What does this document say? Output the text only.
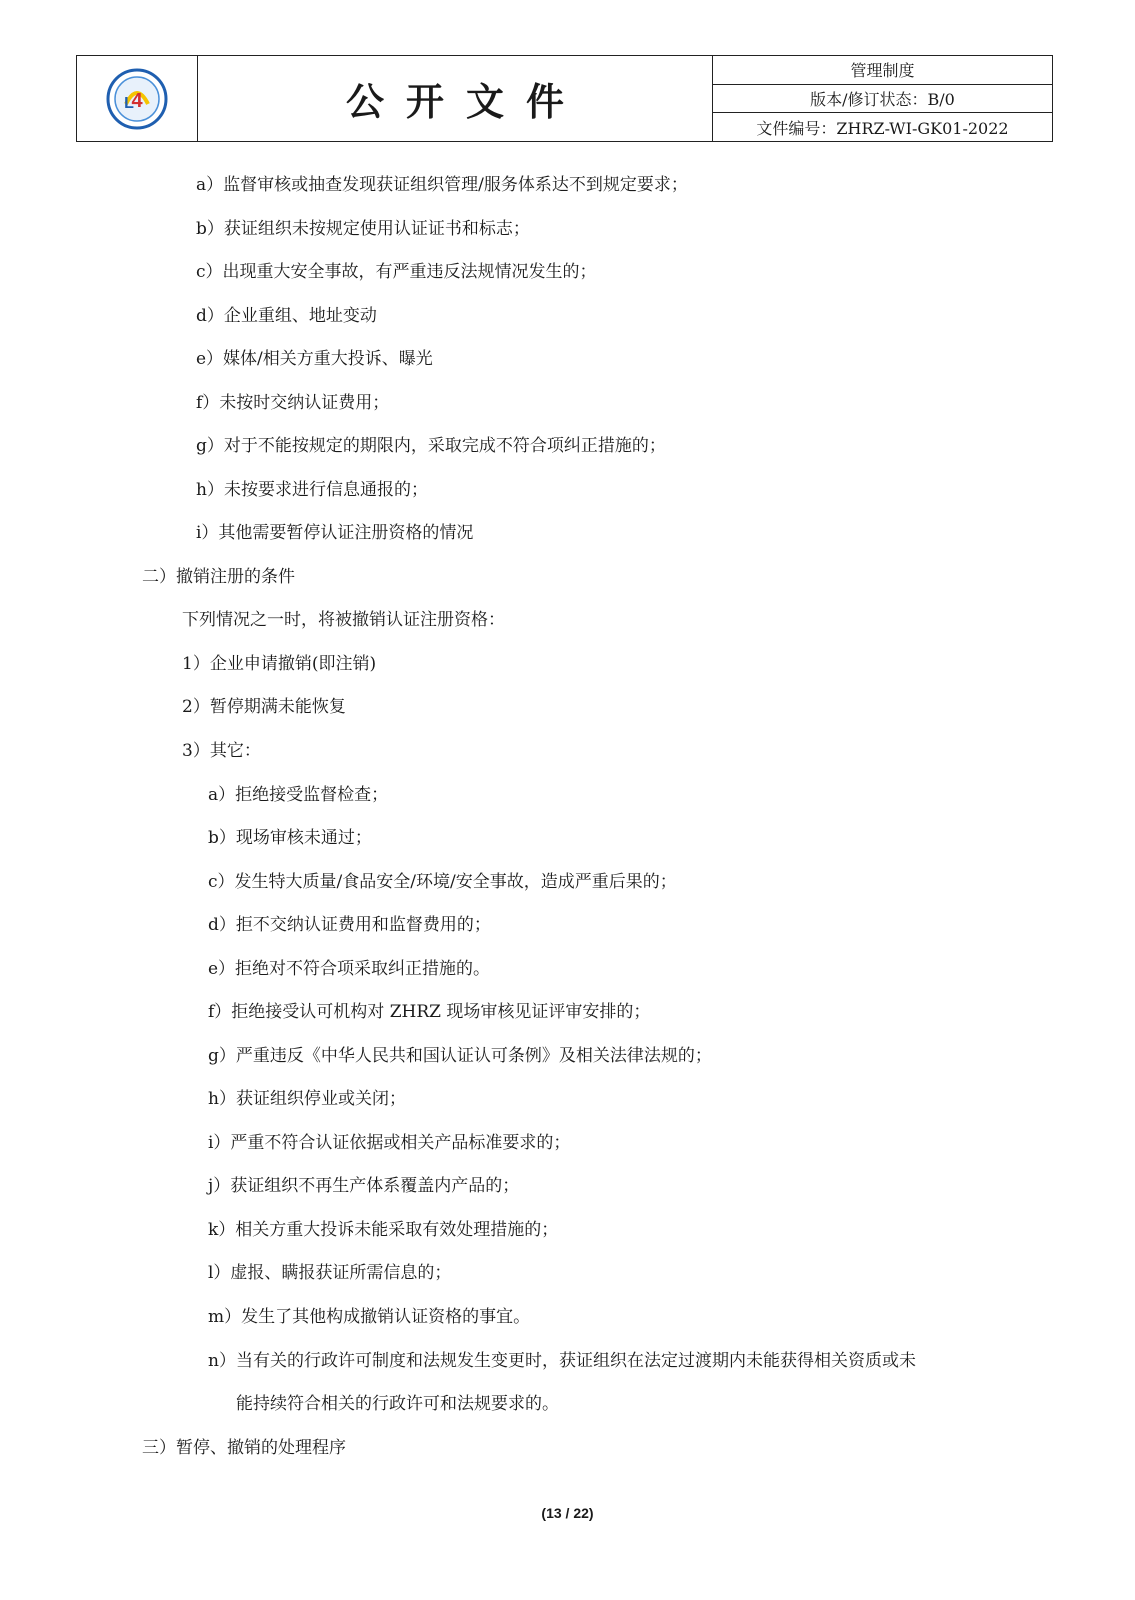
4
L	公开文件
管理制度
版本/修订状态：B/0
文件编号：ZHRZ-WI-GK01-2022
a）监督审核或抽查发现获证组织管理/服务体系达不到规定要求；
b）获证组织未按规定使用认证证书和标志；
c）出现重大安全事故，有严重违反法规情况发生的；
d）企业重组、地址变动
e）媒体/相关方重大投诉、曝光
f）未按时交纳认证费用；
g）对于不能按规定的期限内，采取完成不符合项纠正措施的；
h）未按要求进行信息通报的；
i）其他需要暂停认证注册资格的情况
二）撤销注册的条件
下列情况之一时，将被撤销认证注册资格：
1）企业申请撤销(即注销)
2）暂停期满未能恢复
3）其它：
a）拒绝接受监督检查；
b）现场审核未通过；
c）发生特大质量/食品安全/环境/安全事故，造成严重后果的；
d）拒不交纳认证费用和监督费用的；
e）拒绝对不符合项采取纠正措施的。
f）拒绝接受认可机构对 ZHRZ 现场审核见证评审安排的；
g）严重违反《中华人民共和国认证认可条例》及相关法律法规的；
h）获证组织停业或关闭；
i）严重不符合认证依据或相关产品标准要求的；
j）获证组织不再生产体系覆盖内产品的；
k）相关方重大投诉未能采取有效处理措施的；
l）虚报、瞒报获证所需信息的；
m）发生了其他构成撤销认证资格的事宜。
n）当有关的行政许可制度和法规发生变更时，获证组织在法定过渡期内未能获得相关资质或未
能持续符合相关的行政许可和法规要求的。
三）暂停、撤销的处理程序
(13 / 22)
